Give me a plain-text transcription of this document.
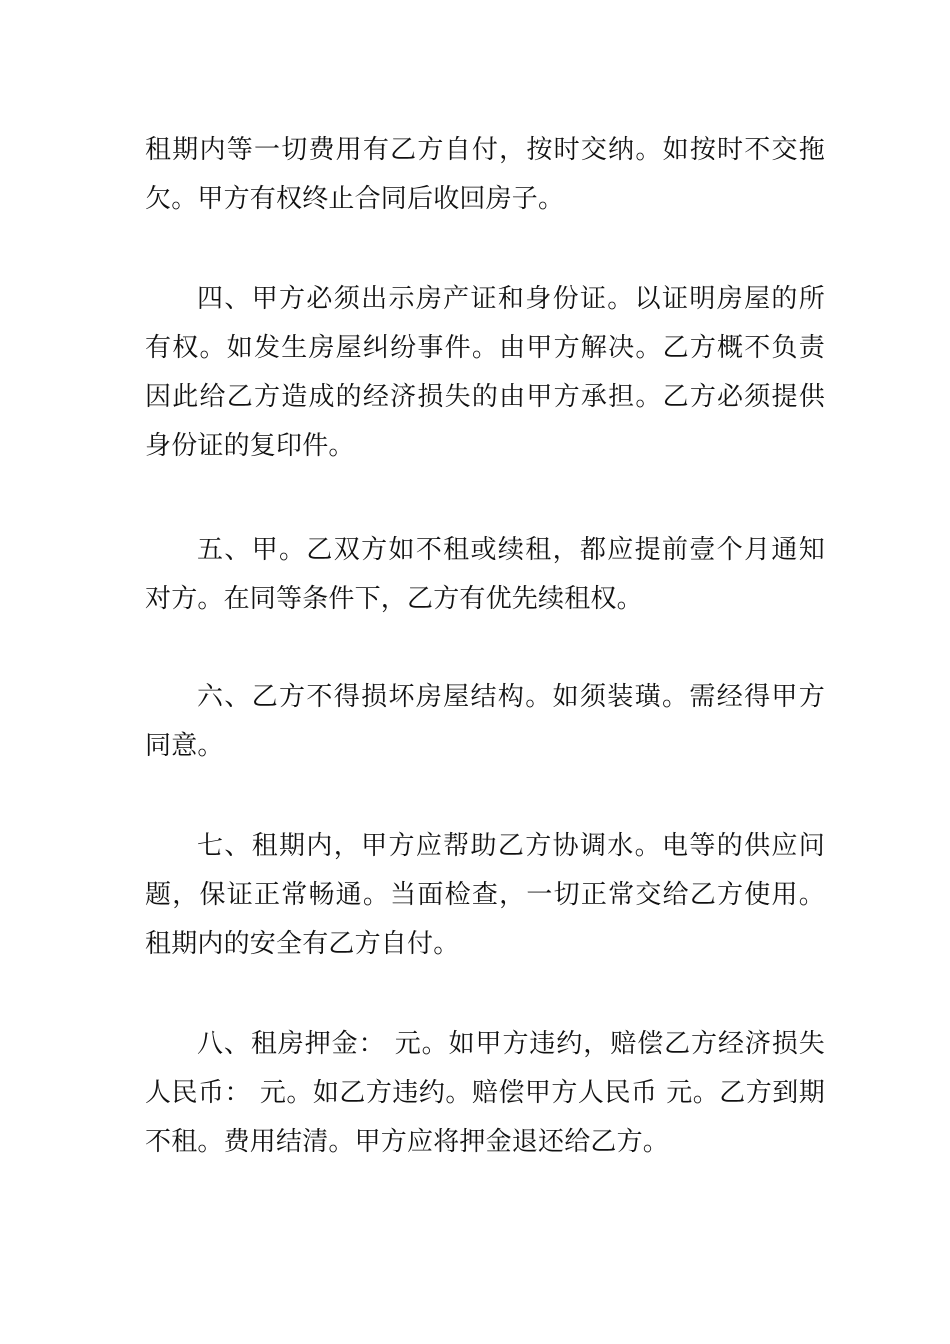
租期内等一切费用有乙方自付，按时交纳。如按时不交拖欠。甲方有权终止合同后收回房子。

四、甲方必须出示房产证和身份证。以证明房屋的所有权。如发生房屋纠纷事件。由甲方解决。乙方概不负责因此给乙方造成的经济损失的由甲方承担。乙方必须提供身份证的复印件。

五、甲。乙双方如不租或续租，都应提前壹个月通知对方。在同等条件下，乙方有优先续租权。

六、乙方不得损坏房屋结构。如须装璜。需经得甲方同意。

七、租期内，甲方应帮助乙方协调水。电等的供应问题，保证正常畅通。当面检查，一切正常交给乙方使用。租期内的安全有乙方自付。

八、租房押金： 元。如甲方违约，赔偿乙方经济损失人民币： 元。如乙方违约。赔偿甲方人民币 元。乙方到期不租。费用结清。甲方应将押金退还给乙方。
